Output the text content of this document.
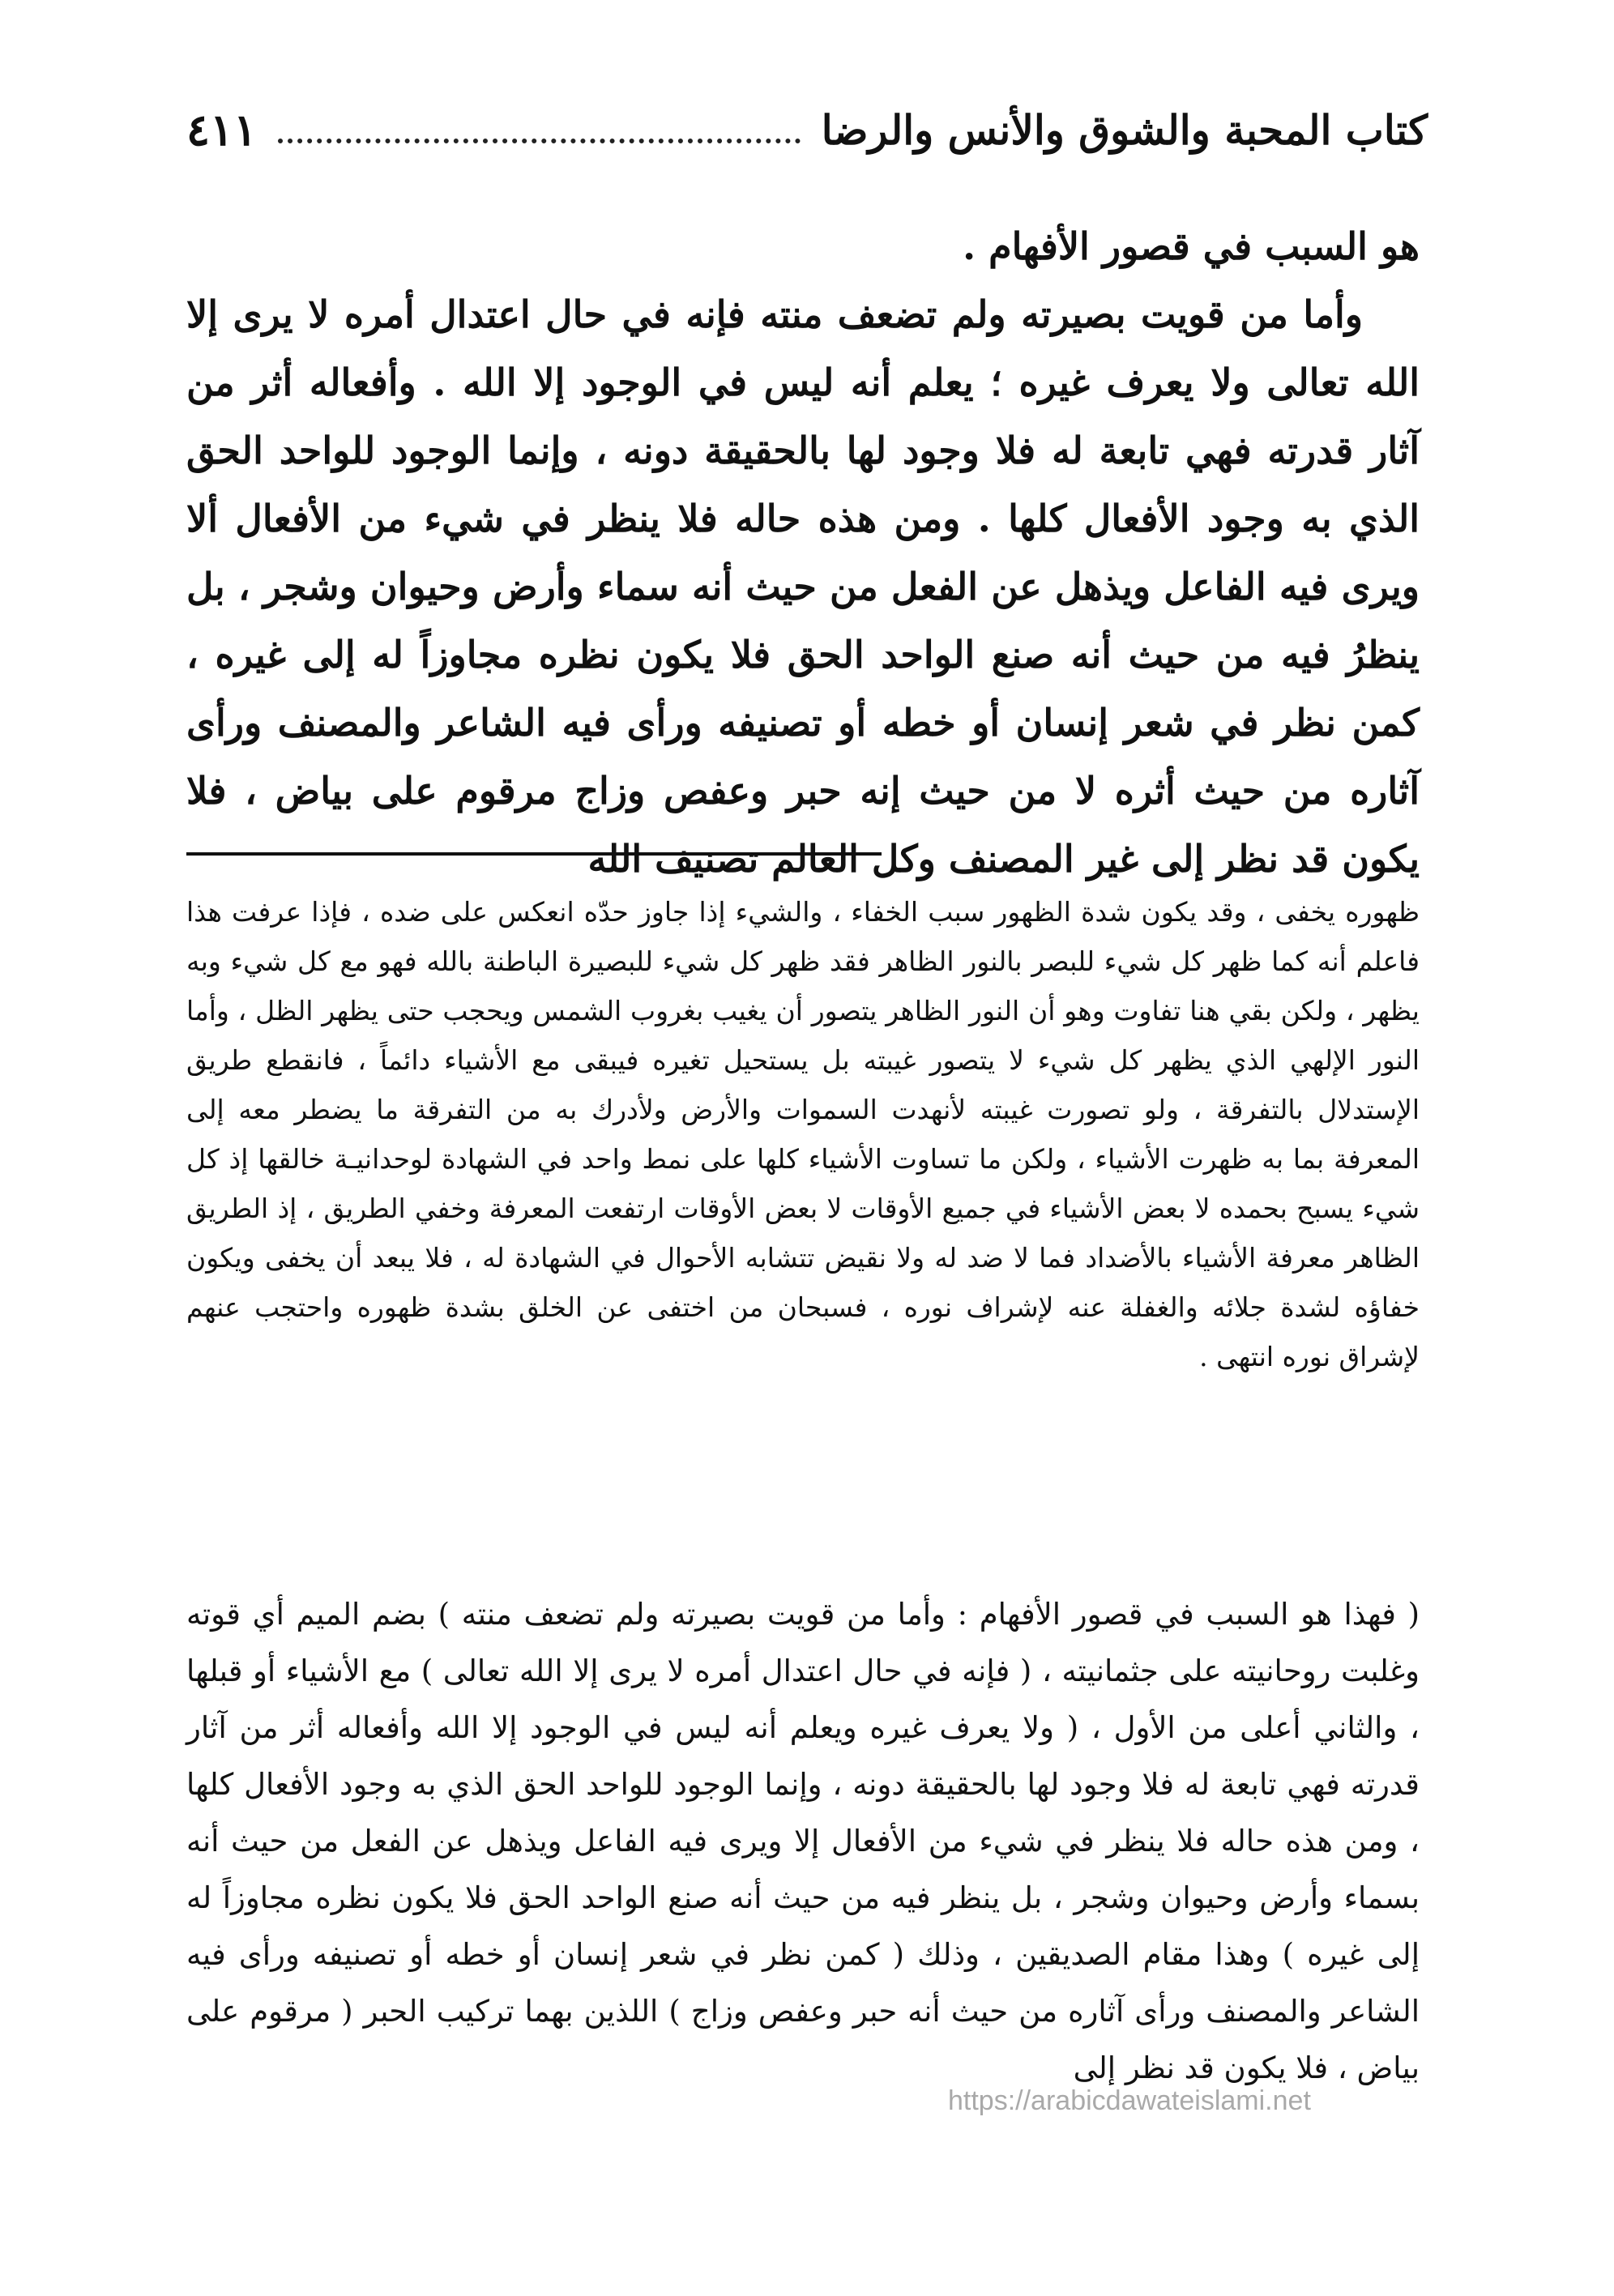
كتاب المحبة والشوق والأنس والرضا
٤١١

هو السبب في قصور الأفهام .

وأما من قويت بصيرته ولم تضعف منته فإنه في حال اعتدال أمره لا يرى إلا الله تعالى ولا يعرف غيره ؛ يعلم أنه ليس في الوجود إلا الله . وأفعاله أثر من آثار قدرته فهي تابعة له فلا وجود لها بالحقيقة دونه ، وإنما الوجود للواحد الحق الذي به وجود الأفعال كلها . ومن هذه حاله فلا ينظر في شيء من الأفعال ألا ويرى فيه الفاعل ويذهل عن الفعل من حيث أنه سماء وأرض وحيوان وشجر ، بل ينظرُ فيه من حيث أنه صنع الواحد الحق فلا يكون نظره مجاوزاً له إلى غيره ، كمن نظر في شعر إنسان أو خطه أو تصنيفه ورأى فيه الشاعر والمصنف ورأى آثاره من حيث أثره لا من حيث إنه حبر وعفص وزاج مرقوم على بياض ، فلا يكون قد نظر إلى غير المصنف وكل العالم تصنيف الله

ظهوره يخفى ، وقد يكون شدة الظهور سبب الخفاء ، والشيء إذا جاوز حدّه انعكس على ضده ، فإذا عرفت هذا فاعلم أنه كما ظهر كل شيء للبصر بالنور الظاهر فقد ظهر كل شيء للبصيرة الباطنة بالله فهو مع كل شيء وبه يظهر ، ولكن بقي هنا تفاوت وهو أن النور الظاهر يتصور أن يغيب بغروب الشمس ويحجب حتى يظهر الظل ، وأما النور الإلهي الذي يظهر كل شيء لا يتصور غيبته بل يستحيل تغيره فيبقى مع الأشياء دائماً ، فانقطع طريق الإستدلال بالتفرقة ، ولو تصورت غيبته لأنهدت السموات والأرض ولأدرك به من التفرقة ما يضطر معه إلى المعرفة بما به ظهرت الأشياء ، ولكن ما تساوت الأشياء كلها على نمط واحد في الشهادة لوحدانيـة خالقها إذ كل شيء يسبح بحمده لا بعض الأشياء في جميع الأوقات لا بعض الأوقات ارتفعت المعرفة وخفي الطريق ، إذ الطريق الظاهر معرفة الأشياء بالأضداد فما لا ضد له ولا نقيض تتشابه الأحوال في الشهادة له ، فلا يبعد أن يخفى ويكون خفاؤه لشدة جلائه والغفلة عنه لإشراف نوره ، فسبحان من اختفى عن الخلق بشدة ظهوره واحتجب عنهم لإشراق نوره انتهى .

( فهذا هو السبب في قصور الأفهام : وأما من قويت بصيرته ولم تضعف منته ) بضم الميم أي قوته وغلبت روحانيته على جثمانيته ، ( فإنه في حال اعتدال أمره لا يرى إلا الله تعالى ) مع الأشياء أو قبلها ، والثاني أعلى من الأول ، ( ولا يعرف غيره ويعلم أنه ليس في الوجود إلا الله وأفعاله أثر من آثار قدرته فهي تابعة له فلا وجود لها بالحقيقة دونه ، وإنما الوجود للواحد الحق الذي به وجود الأفعال كلها ، ومن هذه حاله فلا ينظر في شيء من الأفعال إلا ويرى فيه الفاعل ويذهل عن الفعل من حيث أنه بسماء وأرض وحيوان وشجر ، بل ينظر فيه من حيث أنه صنع الواحد الحق فلا يكون نظره مجاوزاً له إلى غيره ) وهذا مقام الصديقين ، وذلك ( كمن نظر في شعر إنسان أو خطه أو تصنيفه ورأى فيه الشاعر والمصنف ورأى آثاره من حيث أنه حبر وعفص وزاج ) اللذين بهما تركيب الحبر ( مرقوم على بياض ، فلا يكون قد نظر إلى

https://arabicdawateislami.net
